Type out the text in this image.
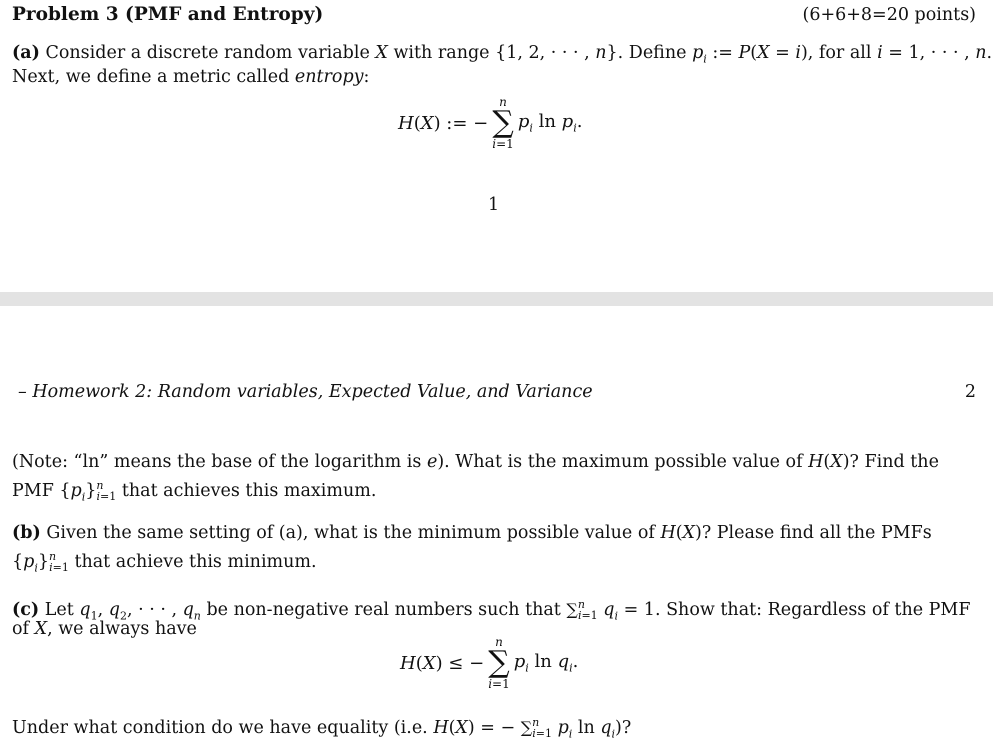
Problem 3 (PMF and Entropy)	(6+6+8=20 points)
(a) Consider a discrete random variable X with range {1, 2, · · · , n}. Define $p_i$ := P(X = i), for all i = 1, · · · , n.
Next, we define a metric called entropy:
H(X) := −
n
∑
i=1
$p_i$ $\ln p_i$.
1
– Homework 2: Random variables, Expected Value, and Variance	2
(Note: “ln” means the base of the logarithm is e). What is the maximum possible value of H(X)? Find the
PMF $\{p_i\}^n_{i=1}$ that achieves this maximum.
(b) Given the same setting of (a), what is the minimum possible value of H(X)? Please find all the PMFs
$\{p_i\}^n_{i=1}$ that achieve this minimum.
(c) Let $q_1$, $q_2$, · · · , $q_n$ be non-negative real numbers such that ∑$^n_{i=1}$ $q_i = 1$. Show that: Regardless of the PMF
of X, we always have
H(X) ≤ −
n
∑
i=1
$p_i$ $\ln q_i$.
Under what condition do we have equality (i.e. H(X) = − ∑$^n_{i=1}$ $p_i$ $\ln q_i$)?
